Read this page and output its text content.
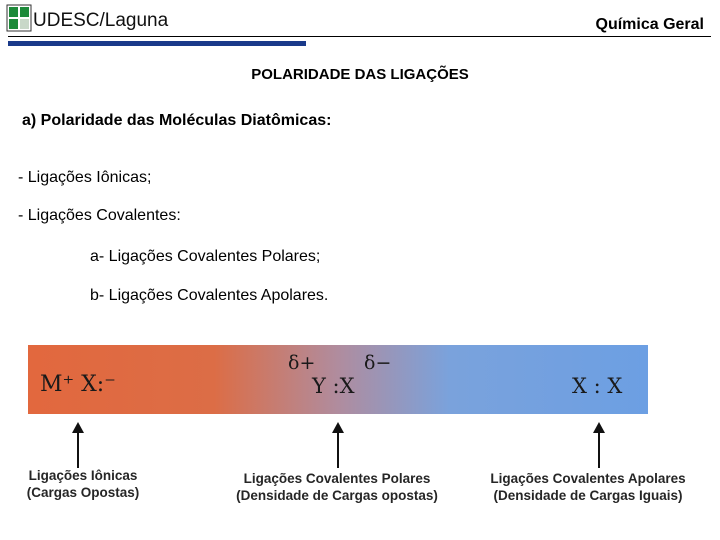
UDESC/Laguna	Química Geral
POLARIDADE DAS LIGAÇÕES
a) Polaridade das Moléculas Diatômicas:
- Ligações Iônicas;
- Ligações Covalentes:
a- Ligações Covalentes Polares;
b- Ligações Covalentes Apolares.
M⁺ X:⁻
δ+	δ−
Y :X	X : X
Ligações Iônicas
(Cargas Opostas)
Ligações Covalentes Polares
(Densidade de Cargas opostas)
Ligações Covalentes Apolares
(Densidade de Cargas Iguais)
